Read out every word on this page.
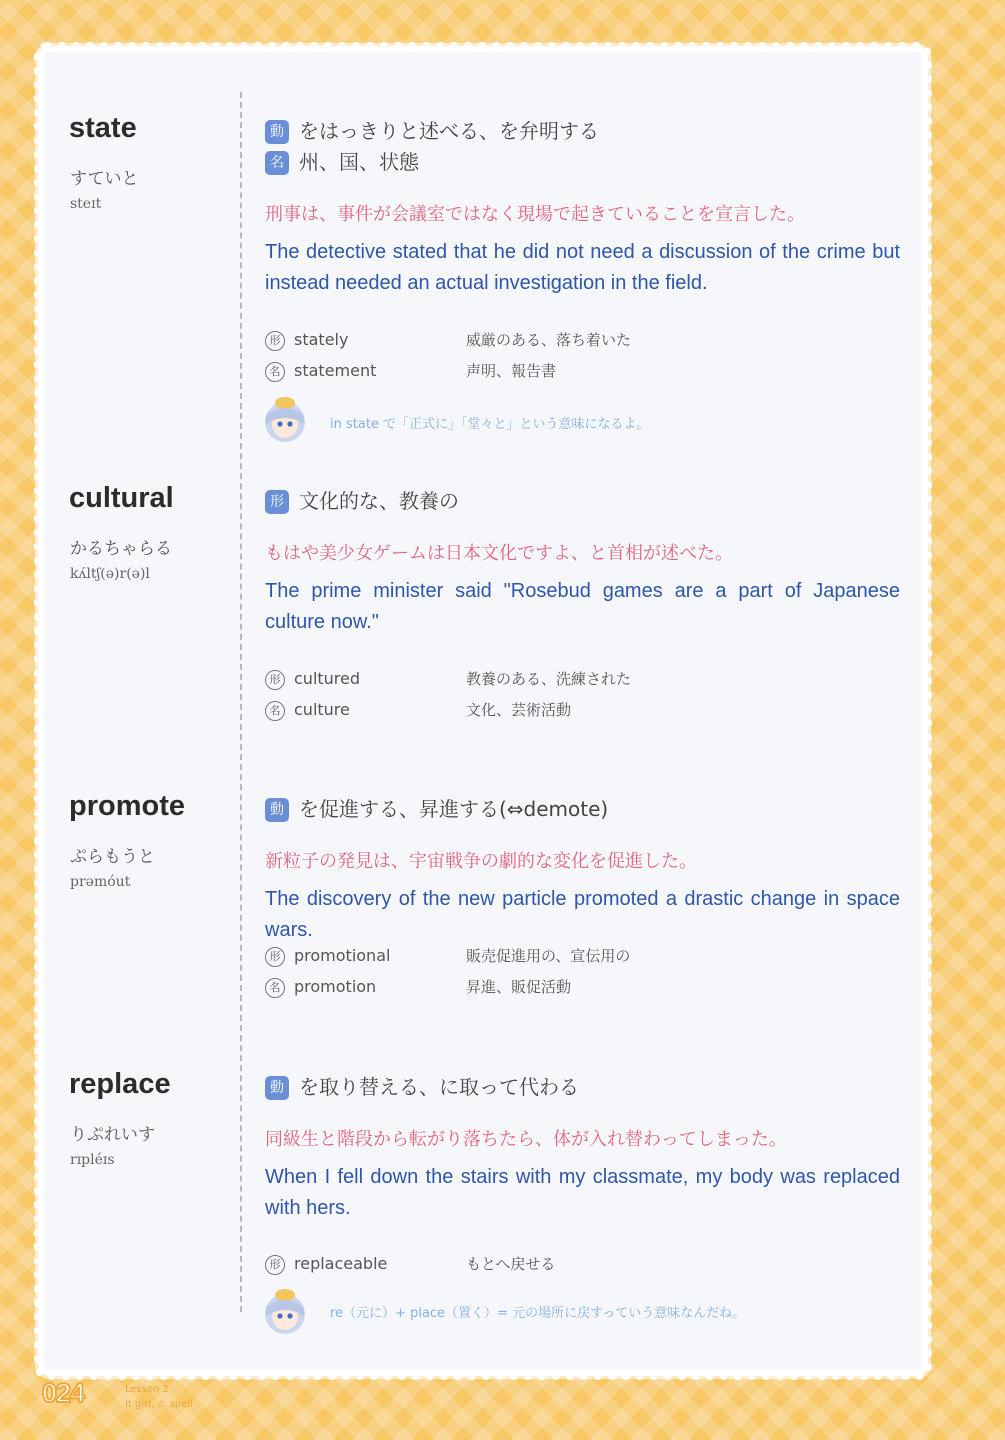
state
すていと
steɪt
動 をはっきりと述べる、を弁明する
名 州、国、状態
刑事は、事件が会議室ではなく現場で起きていることを宣言した。
The detective stated that he did not need a discussion of the crime but instead needed an actual investigation in the field.
形 stately	威厳のある、落ち着いた
名 statement	声明、報告書
in state で「正式に」「堂々と」という意味になるよ。
cultural
かるちゃらる
kʌ́ltʃ(ə)r(ə)l
形 文化的な、教養の
もはや美少女ゲームは日本文化ですよ、と首相が述べた。
The prime minister said "Rosebud games are a part of Japanese culture now."
形 cultured	教養のある、洗練された
名 culture	文化、芸術活動
promote
ぷらもうと
prəmóut
動 を促進する、昇進する(⇔demote)
新粒子の発見は、宇宙戦争の劇的な変化を促進した。
The discovery of the new particle promoted a drastic change in space wars.
形 promotional	販売促進用の、宣伝用の
名 promotion	昇進、販促活動
replace
りぷれいす
rɪpléɪs
動 を取り替える、に取って代わる
同級生と階段から転がり落ちたら、体が入れ替わってしまった。
When I fell down the stairs with my classmate, my body was replaced with hers.
形 replaceable	もとへ戻せる
re（元に）+ place（置く）= 元の場所に戻すっていう意味なんだね。
024	Lesson 2
It girl, ⚠ spell
